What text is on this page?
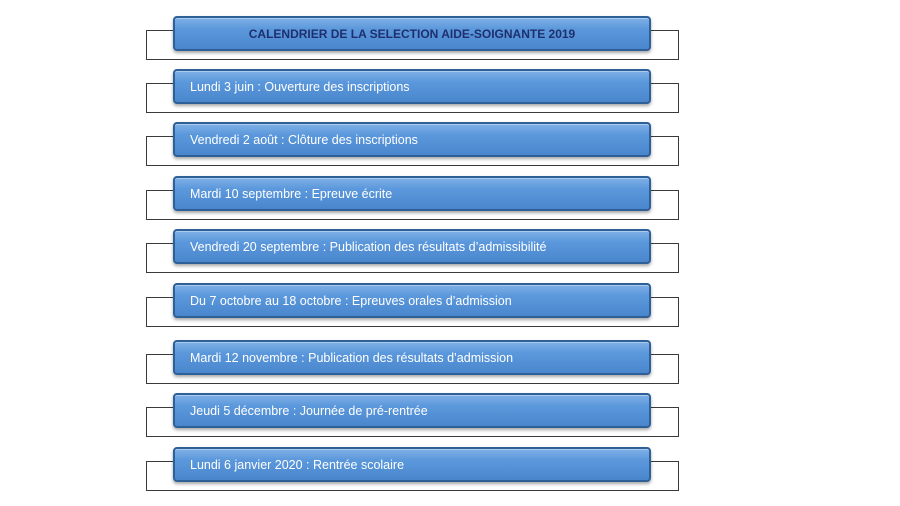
CALENDRIER DE LA SELECTION AIDE-SOIGNANTE 2019
Lundi 3 juin : Ouverture des inscriptions
Vendredi 2 août : Clôture des inscriptions
Mardi 10 septembre : Epreuve écrite
Vendredi 20 septembre : Publication des résultats d’admissibilité
Du 7 octobre au 18 octobre : Epreuves orales d’admission
Mardi 12 novembre : Publication des résultats d’admission
Jeudi 5 décembre : Journée de pré-rentrée
Lundi 6 janvier 2020 : Rentrée scolaire
